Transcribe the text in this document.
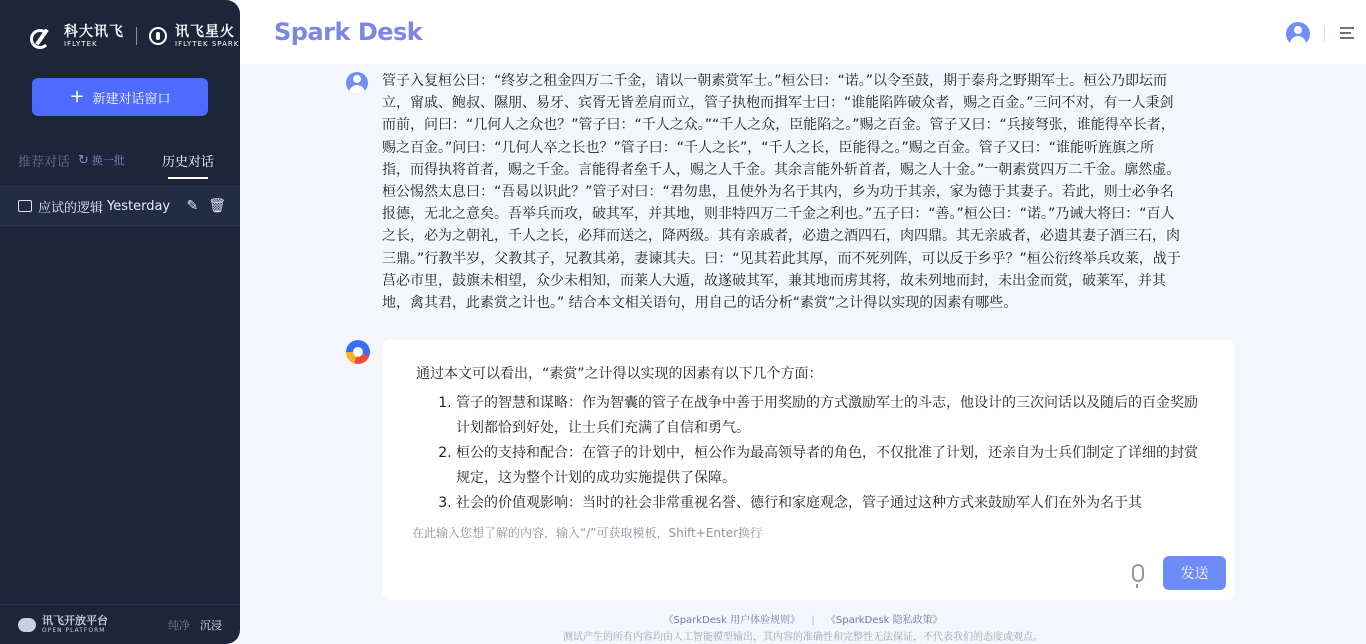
科大讯飞
IFLYTEK
讯飞星火
IFLYTEK SPARK
+ 新建对话窗口
推荐对话 ↻ 换一批	历史对话
应试的逻辑 Yesterday ✎ 🗑
讯飞开放平台
OPEN PLATFORM	纯净 沉浸
Spark Desk
管子入复桓公曰：“终岁之租金四万二千金，请以一朝素赏军士。”桓公曰：“诺。”以令至鼓，期于泰舟之野期军士。桓公乃即坛而立，甯戚、鲍叔、隰朋、易牙、宾胥无皆差肩而立，管子执枹而揖军士曰：“谁能陷阵破众者，赐之百金。”三问不对，有一人秉剑而前，问曰：“几何人之众也？”管子曰：“千人之众。”“千人之众，臣能陷之。”赐之百金。管子又曰：“兵接弩张，谁能得卒长者，赐之百金。”问曰：“几何人卒之长也？”管子曰：“千人之长”，“千人之长，臣能得之。”赐之百金。管子又曰：“谁能听旌旗之所指，而得执将首者，赐之千金。言能得者垒千人，赐之人千金。其余言能外斩首者，赐之人十金。”一朝素赏四万二千金。廓然虚。桓公惕然太息曰：“吾曷以识此？”管子对曰：“君勿患，且使外为名于其内，乡为功于其亲，家为德于其妻子。若此，则士必争名报德，无北之意矣。吾举兵而攻，破其军，并其地，则非特四万二千金之利也。”五子曰：“善。”桓公曰：“诺。”乃诫大将曰：“百人之长，必为之朝礼，千人之长，必拜而送之，降两级。其有亲戚者，必遗之酒四石，肉四鼎。其无亲戚者，必遗其妻子酒三石，肉三鼎。”行教半岁，父教其子，兄教其弟，妻谏其夫。曰：“见其若此其厚，而不死列阵，可以反于乡乎？”桓公衍终举兵攻莱，战于莒必市里，鼓旗未相望，众少未相知，而莱人大遁，故遂破其军，兼其地而虏其将，故未列地而封，未出金而赏，破莱军，并其地，禽其君，此素赏之计也。” 结合本文相关语句，用自己的话分析“素赏”之计得以实现的因素有哪些。

通过本文可以看出，“素赏”之计得以实现的因素有以下几个方面：

1. 管子的智慧和谋略：作为智囊的管子在战争中善于用奖励的方式激励军士的斗志，他设计的三次问话以及随后的百金奖励计划都恰到好处，让士兵们充满了自信和勇气。
2. 桓公的支持和配合：在管子的计划中，桓公作为最高领导者的角色，不仅批准了计划，还亲自为士兵们制定了详细的封赏规定，这为整个计划的成功实施提供了保障。
3. 社会的价值观影响：当时的社会非常重视名誉、德行和家庭观念，管子通过这种方式来鼓励军人们在外为名于其
在此输入您想了解的内容，输入“/”可获取模板，Shift+Enter换行
发送
《SparkDesk 用户体验规则》 | 《SparkDesk 隐私政策》
测试产生的所有内容均由人工智能模型输出，其内容的准确性和完整性无法保证，不代表我们的态度或观点。
